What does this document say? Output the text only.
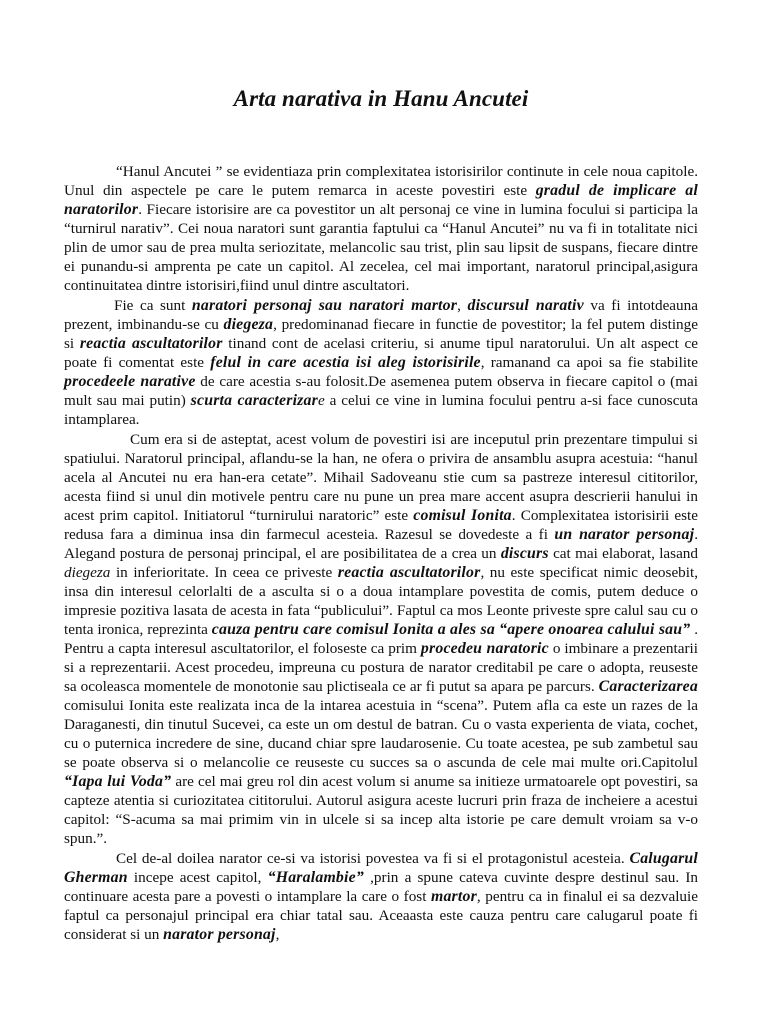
Arta narativa in Hanu Ancutei

“Hanul Ancutei ” se evidentiaza prin complexitatea istorisirilor continute in cele noua capitole. Unul din aspectele pe care le putem remarca in aceste povestiri este gradul de implicare al naratorilor. Fiecare istorisire are ca povestitor un alt personaj ce vine in lumina focului si participa la “turnirul narativ”. Cei noua naratori sunt garantia faptului ca “Hanul Ancutei” nu va fi in totalitate nici plin de umor sau de prea multa seriozitate, melancolic sau trist, plin sau lipsit de suspans, fiecare dintre ei punandu-si amprenta pe cate un capitol. Al zecelea, cel mai important, naratorul principal,asigura continuitatea dintre istorisiri,fiind unul dintre ascultatori.

Fie ca sunt naratori personaj sau naratori martor, discursul narativ va fi intotdeauna prezent, imbinandu-se cu diegeza, predominanad fiecare in functie de povestitor; la fel putem distinge si reactia ascultatorilor tinand cont de acelasi criteriu, si anume tipul naratorului. Un alt aspect ce poate fi comentat este felul in care acestia isi aleg istorisirile, ramanand ca apoi sa fie stabilite procedeele narative de care acestia s-au folosit.De asemenea putem observa in fiecare capitol o (mai mult sau mai putin) scurta caracterizare a celui ce vine in lumina focului pentru a-si face cunoscuta intamplarea.

Cum era si de asteptat, acest volum de povestiri isi are inceputul prin prezentare timpului si spatiului. Naratorul principal, aflandu-se la han, ne ofera o privira de ansamblu asupra acestuia: “hanul acela al Ancutei nu era han-era cetate”. Mihail Sadoveanu stie cum sa pastreze interesul cititorilor, acesta fiind si unul din motivele pentru care nu pune un prea mare accent asupra descrierii hanului in acest prim capitol. Initiatorul “turnirului naratoric” este comisul Ionita. Complexitatea istorisirii este redusa fara a diminua insa din farmecul acesteia. Razesul se dovedeste a fi un narator personaj. Alegand postura de personaj principal, el are posibilitatea de a crea un discurs cat mai elaborat, lasand diegeza in inferioritate. In ceea ce priveste reactia ascultatorilor, nu este specificat nimic deosebit, insa din interesul celorlalti de a asculta si o a doua intamplare povestita de comis, putem deduce o impresie pozitiva lasata de acesta in fata “publicului”. Faptul ca mos Leonte priveste spre calul sau cu o tenta ironica, reprezinta cauza pentru care comisul Ionita a ales sa “apere onoarea calului sau” . Pentru a capta interesul ascultatorilor, el foloseste ca prim procedeu naratoric o imbinare a prezentarii si a reprezentarii. Acest procedeu, impreuna cu postura de narator creditabil pe care o adopta, reuseste sa ocoleasca momentele de monotonie sau plictiseala ce ar fi putut sa apara pe parcurs. Caracterizarea comisului Ionita este realizata inca de la intarea acestuia in “scena”. Putem afla ca este un razes de la Daraganesti, din tinutul Sucevei, ca este un om destul de batran. Cu o vasta experienta de viata, cochet, cu o puternica incredere de sine, ducand chiar spre laudarosenie. Cu toate acestea, pe sub zambetul sau se poate observa si o melancolie ce reuseste cu succes sa o ascunda de cele mai multe ori.Capitolul “Iapa lui Voda” are cel mai greu rol din acest volum si anume sa initieze urmatoarele opt povestiri, sa capteze atentia si curiozitatea cititorului. Autorul asigura aceste lucruri prin fraza de incheiere a acestui capitol: “S-acuma sa mai primim vin in ulcele si sa incep alta istorie pe care demult vroiam sa v-o spun.”.

Cel de-al doilea narator ce-si va istorisi povestea va fi si el protagonistul acesteia. Calugarul Gherman incepe acest capitol, “Haralambie” ,prin a spune cateva cuvinte despre destinul sau. In continuare acesta pare a povesti o intamplare la care o fost martor, pentru ca in finalul ei sa dezvaluie faptul ca personajul principal era chiar tatal sau. Aceaasta este cauza pentru care calugarul poate fi considerat si un narator personaj,
